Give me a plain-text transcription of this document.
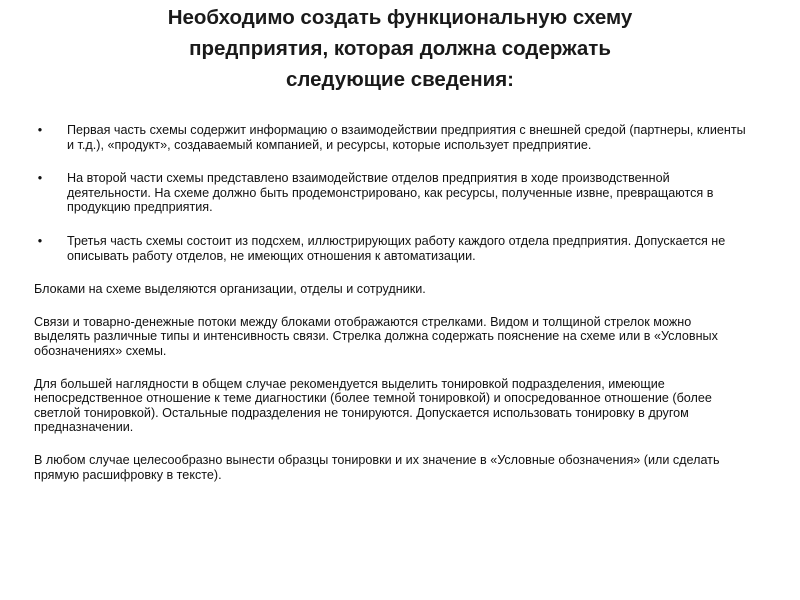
Необходимо создать функциональную схему
предприятия, которая должна содержать
следующие сведения:
•	Первая часть схемы содержит информацию о взаимодействии предприятия с внешней средой (партнеры, клиенты и т.д.), «продукт», создаваемый компанией, и ресурсы, которые использует предприятие.
•	На второй части схемы представлено взаимодействие отделов предприятия в ходе производственной деятельности. На схеме должно быть продемонстрировано, как ресурсы, полученные извне, превращаются в продукцию предприятия.
•	Третья часть схемы состоит из подсхем, иллюстрирующих работу каждого отдела предприятия. Допускается не описывать работу отделов, не имеющих отношения к автоматизации.

Блоками на схеме выделяются организации, отделы и сотрудники.

Связи и товарно-денежные потоки между блоками отображаются стрелками. Видом и толщиной стрелок можно выделять различные типы и интенсивность связи. Стрелка должна содержать пояснение на схеме или в «Условных обозначениях» схемы.

Для большей наглядности в общем случае рекомендуется выделить тонировкой подразделения, имеющие непосредственное отношение к теме диагностики (более темной тонировкой) и опосредованное отношение (более светлой тонировкой). Остальные подразделения не тонируются. Допускается использовать тонировку в другом предназначении.

В любом случае целесообразно вынести образцы тонировки и их значение в «Условные обозначения» (или сделать прямую расшифровку в тексте).
